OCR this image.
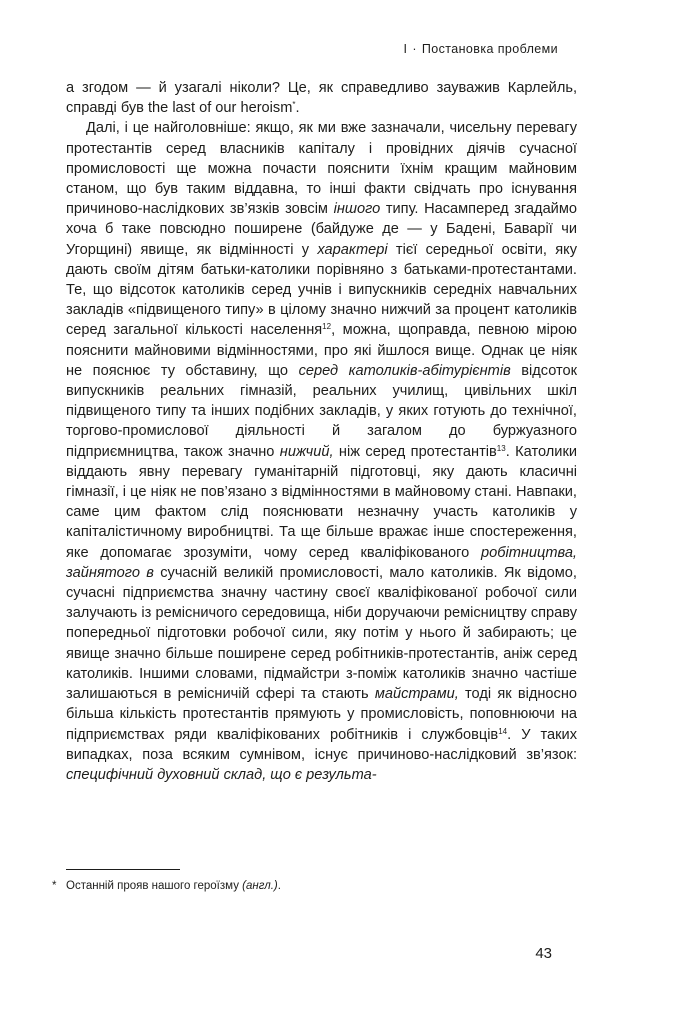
I · Постановка проблеми

а згодом — й узагалі ніколи? Це, як справедливо зауважив Карлейль, справді був the last of our heroism*.

Далі, і це найголовніше: якщо, як ми вже зазначали, чисельну перевагу протестантів серед власників капіталу і провідних діячів сучасної промисловості ще можна почасти пояснити їхнім кращим майновим станом, що був таким віддавна, то інші факти свідчать про існування причиново-наслідкових зв’язків зовсім іншого типу. Насамперед згадаймо хоча б таке повсюдно поширене (байдуже де — у Бадені, Баварії чи Угорщині) явище, як відмінності у характері тієї середньої освіти, яку дають своїм дітям батьки-католики порівняно з батьками-протестантами. Те, що відсоток католиків серед учнів і випускників середніх навчальних закладів «підвищеного типу» в цілому значно нижчий за процент католиків серед загальної кількості населення$^{12}$, можна, щоправда, певною мірою пояснити майновими відмінностями, про які йшлося вище. Однак це ніяк не пояснює ту обставину, що серед католиків-абітурієнтів відсоток випускників реальних гімназій, реальних училищ, цивільних шкіл підвищеного типу та інших подібних закладів, у яких готують до технічної, торгово-промислової діяльності й загалом до буржуазного підприємництва, також значно нижчий, ніж серед протестантів$^{13}$. Католики віддають явну перевагу гуманітарній підготовці, яку дають класичні гімназії, і це ніяк не пов’язано з відмінностями в майновому стані. Навпаки, саме цим фактом слід пояснювати незначну участь католиків у капіталістичному виробництві. Та ще більше вражає інше спостереження, яке допомагає зрозуміти, чому серед кваліфікованого робітництва, зайнятого в сучасній великій промисловості, мало католиків. Як відомо, сучасні підприємства значну частину своєї кваліфікованої робочої сили залучають із ремісничого середовища, ніби доручаючи ремісництву справу попередньої підготовки робочої сили, яку потім у нього й забирають; це явище значно більше поширене серед робітників-протестантів, аніж серед католиків. Іншими словами, підмайстри з-поміж католиків значно частіше залишаються в ремісничій сфері та стають майстрами, тоді як відносно більша кількість протестантів прямують у промисловість, поповнюючи на підприємствах ряди кваліфікованих робітників і службовців$^{14}$. У таких випадках, поза всяким сумнівом, існує причиново-наслідковий зв’язок: специфічний духовний склад, що є результа-

* Останній прояв нашого героїзму (англ.).
43
